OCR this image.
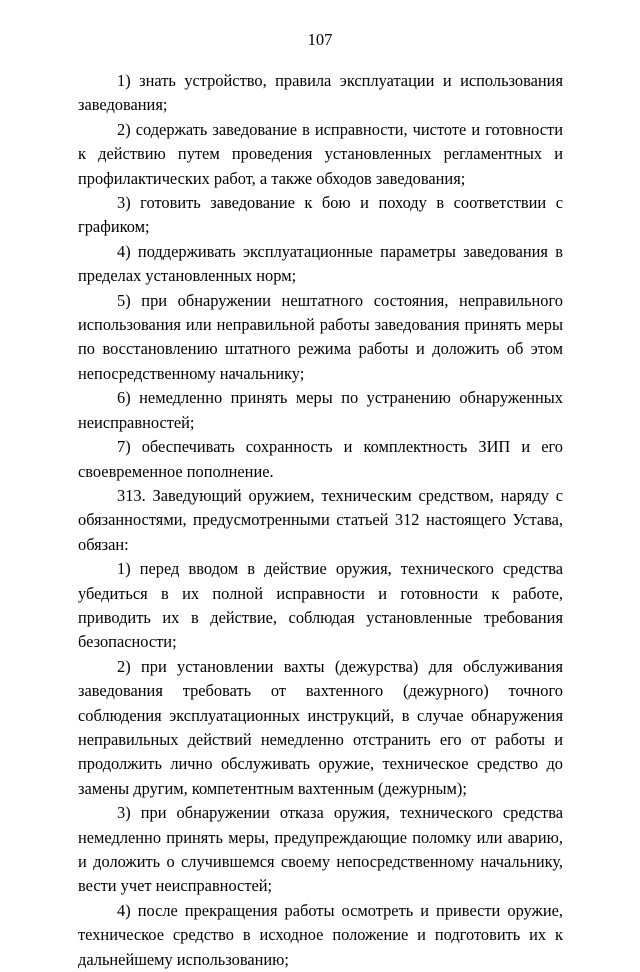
107

1) знать устройство, правила эксплуатации и использования заведования;

2) содержать заведование в исправности, чистоте и готовности к действию путем проведения установленных регламентных и профилактических работ, а также обходов заведования;

3) готовить заведование к бою и походу в соответствии с графиком;

4) поддерживать эксплуатационные параметры заведования в пределах установленных норм;

5) при обнаружении нештатного состояния, неправильного использования или неправильной работы заведования принять меры по восстановлению штатного режима работы и доложить об этом непосредственному начальнику;

6) немедленно принять меры по устранению обнаруженных неисправностей;

7) обеспечивать сохранность и комплектность ЗИП и его своевременное пополнение.

313. Заведующий оружием, техническим средством, наряду с обязанностями, предусмотренными статьей 312 настоящего Устава, обязан:

1) перед вводом в действие оружия, технического средства убедиться в их полной исправности и готовности к работе, приводить их в действие, соблюдая установленные требования безопасности;

2) при установлении вахты (дежурства) для обслуживания заведования требовать от вахтенного (дежурного) точного соблюдения эксплуатационных инструкций, в случае обнаружения неправильных действий немедленно отстранить его от работы и продолжить лично обслуживать оружие, техническое средство до замены другим, компетентным вахтенным (дежурным);

3) при обнаружении отказа оружия, технического средства немедленно принять меры, предупреждающие поломку или аварию, и доложить о случившемся своему непосредственному начальнику, вести учет неисправностей;

4) после прекращения работы осмотреть и привести оружие, техническое средство в исходное положение и подготовить их к дальнейшему использованию;
